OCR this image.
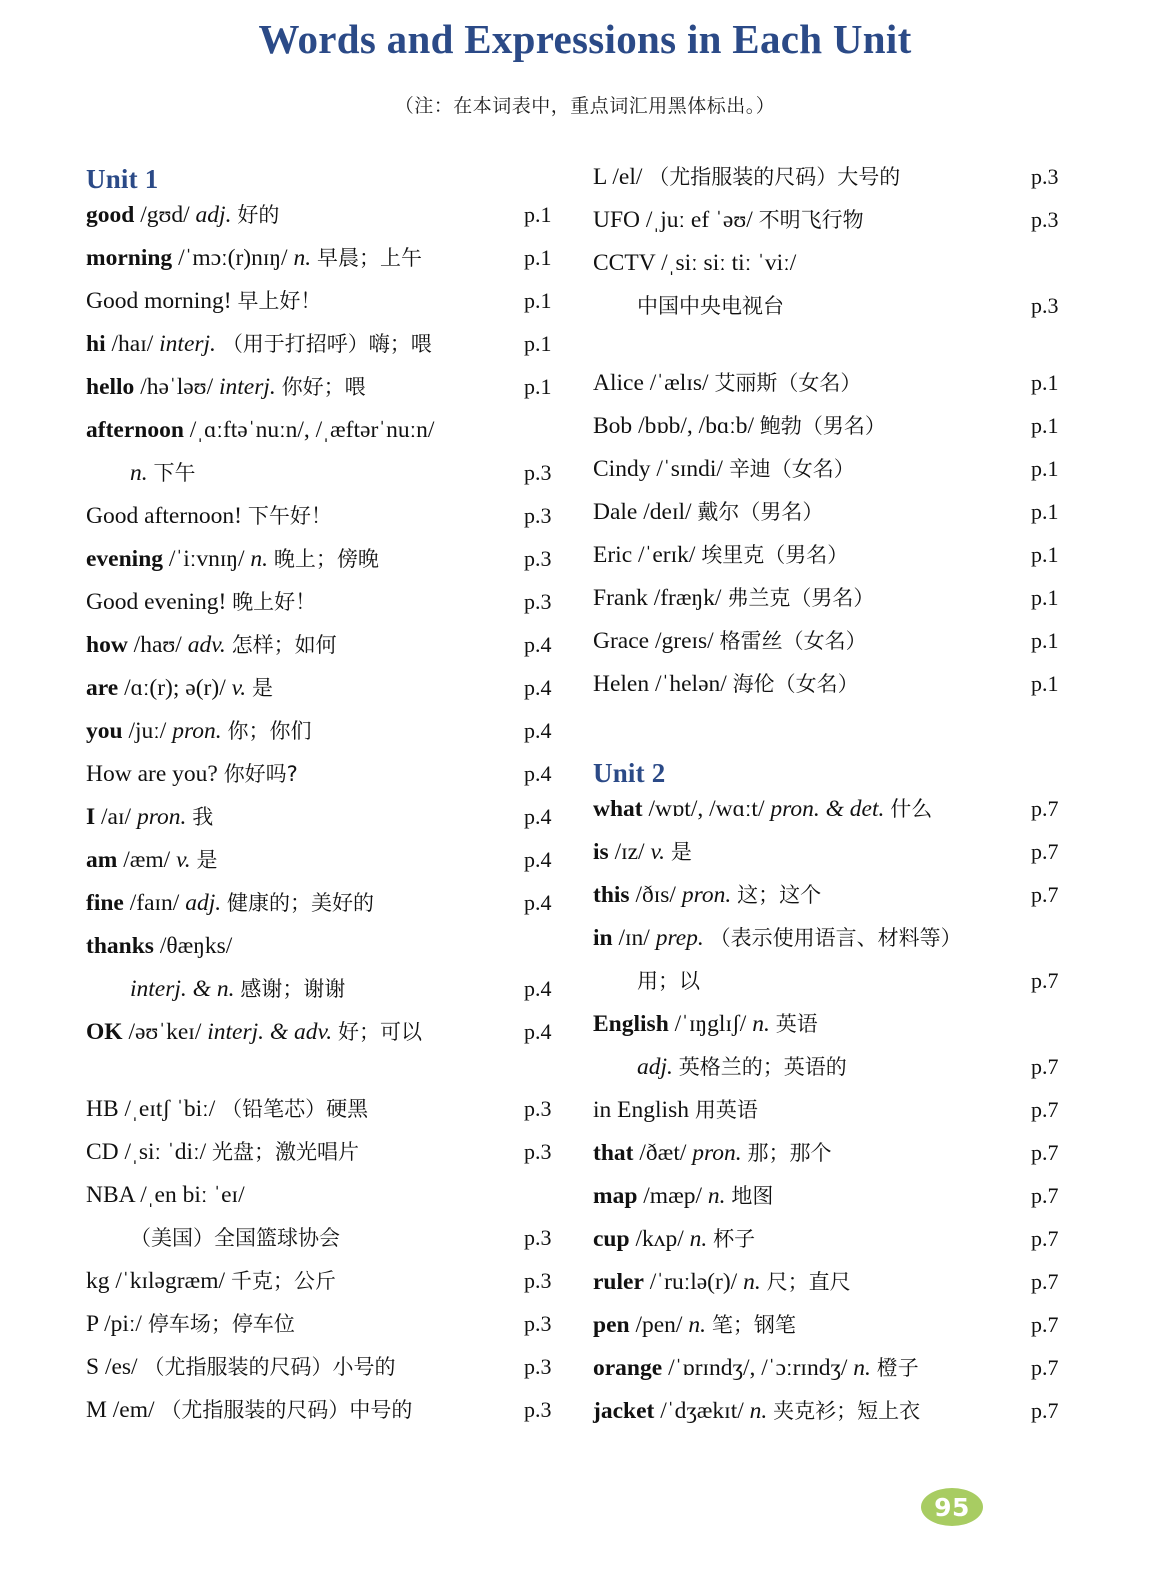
Words and Expressions in Each Unit

（注：在本词表中，重点词汇用黑体标出。）

Unit 1
good /gʊd/ adj. 好的	p.1
morning /ˈmɔː(r)nɪŋ/ n. 早晨；上午	p.1
Good morning! 早上好！	p.1
hi /haɪ/ interj. （用于打招呼）嗨；喂	p.1
hello /həˈləʊ/ interj. 你好；喂	p.1
afternoon /ˌɑːftəˈnuːn/, /ˌæftərˈnuːn/
n. 下午	p.3
Good afternoon! 下午好！	p.3
evening /ˈiːvnɪŋ/ n. 晚上；傍晚	p.3
Good evening! 晚上好！	p.3
how /haʊ/ adv. 怎样；如何	p.4
are /ɑː(r); ə(r)/ v. 是	p.4
you /juː/ pron. 你；你们	p.4
How are you? 你好吗?	p.4
I /aɪ/ pron. 我	p.4
am /æm/ v. 是	p.4
fine /faɪn/ adj. 健康的；美好的	p.4
thanks /θæŋks/
interj. & n. 感谢；谢谢	p.4
OK /əʊˈkeɪ/ interj. & adv. 好；可以	p.4
HB /ˌeɪtʃ ˈbiː/ （铅笔芯）硬黑	p.3
CD /ˌsiː ˈdiː/ 光盘；激光唱片	p.3
NBA /ˌen biː ˈeɪ/
（美国）全国篮球协会	p.3
kg /ˈkɪləgræm/ 千克；公斤	p.3
P /piː/ 停车场；停车位	p.3
S /es/ （尤指服装的尺码）小号的	p.3
M /em/ （尤指服装的尺码）中号的	p.3
L /el/ （尤指服装的尺码）大号的	p.3
UFO /ˌjuː ef ˈəʊ/ 不明飞行物	p.3
CCTV /ˌsiː siː tiː ˈviː/
中国中央电视台	p.3
Alice /ˈælɪs/ 艾丽斯（女名）	p.1
Bob /bɒb/, /bɑːb/ 鲍勃（男名）	p.1
Cindy /ˈsɪndi/ 辛迪（女名）	p.1
Dale /deɪl/ 戴尔（男名）	p.1
Eric /ˈerɪk/ 埃里克（男名）	p.1
Frank /fræŋk/ 弗兰克（男名）	p.1
Grace /greɪs/ 格雷丝（女名）	p.1
Helen /ˈhelən/ 海伦（女名）	p.1
Unit 2
what /wɒt/, /wɑːt/ pron. & det. 什么	p.7
is /ɪz/ v. 是	p.7
this /ðɪs/ pron. 这；这个	p.7
in /ɪn/ prep. （表示使用语言、材料等）
用；以	p.7
English /ˈɪŋglɪʃ/ n. 英语
adj. 英格兰的；英语的	p.7
in English 用英语	p.7
that /ðæt/ pron. 那；那个	p.7
map /mæp/ n. 地图	p.7
cup /kʌp/ n. 杯子	p.7
ruler /ˈruːlə(r)/ n. 尺；直尺	p.7
pen /pen/ n. 笔；钢笔	p.7
orange /ˈɒrɪndʒ/, /ˈɔːrɪndʒ/ n. 橙子	p.7
jacket /ˈdʒækɪt/ n. 夹克衫；短上衣	p.7
95
